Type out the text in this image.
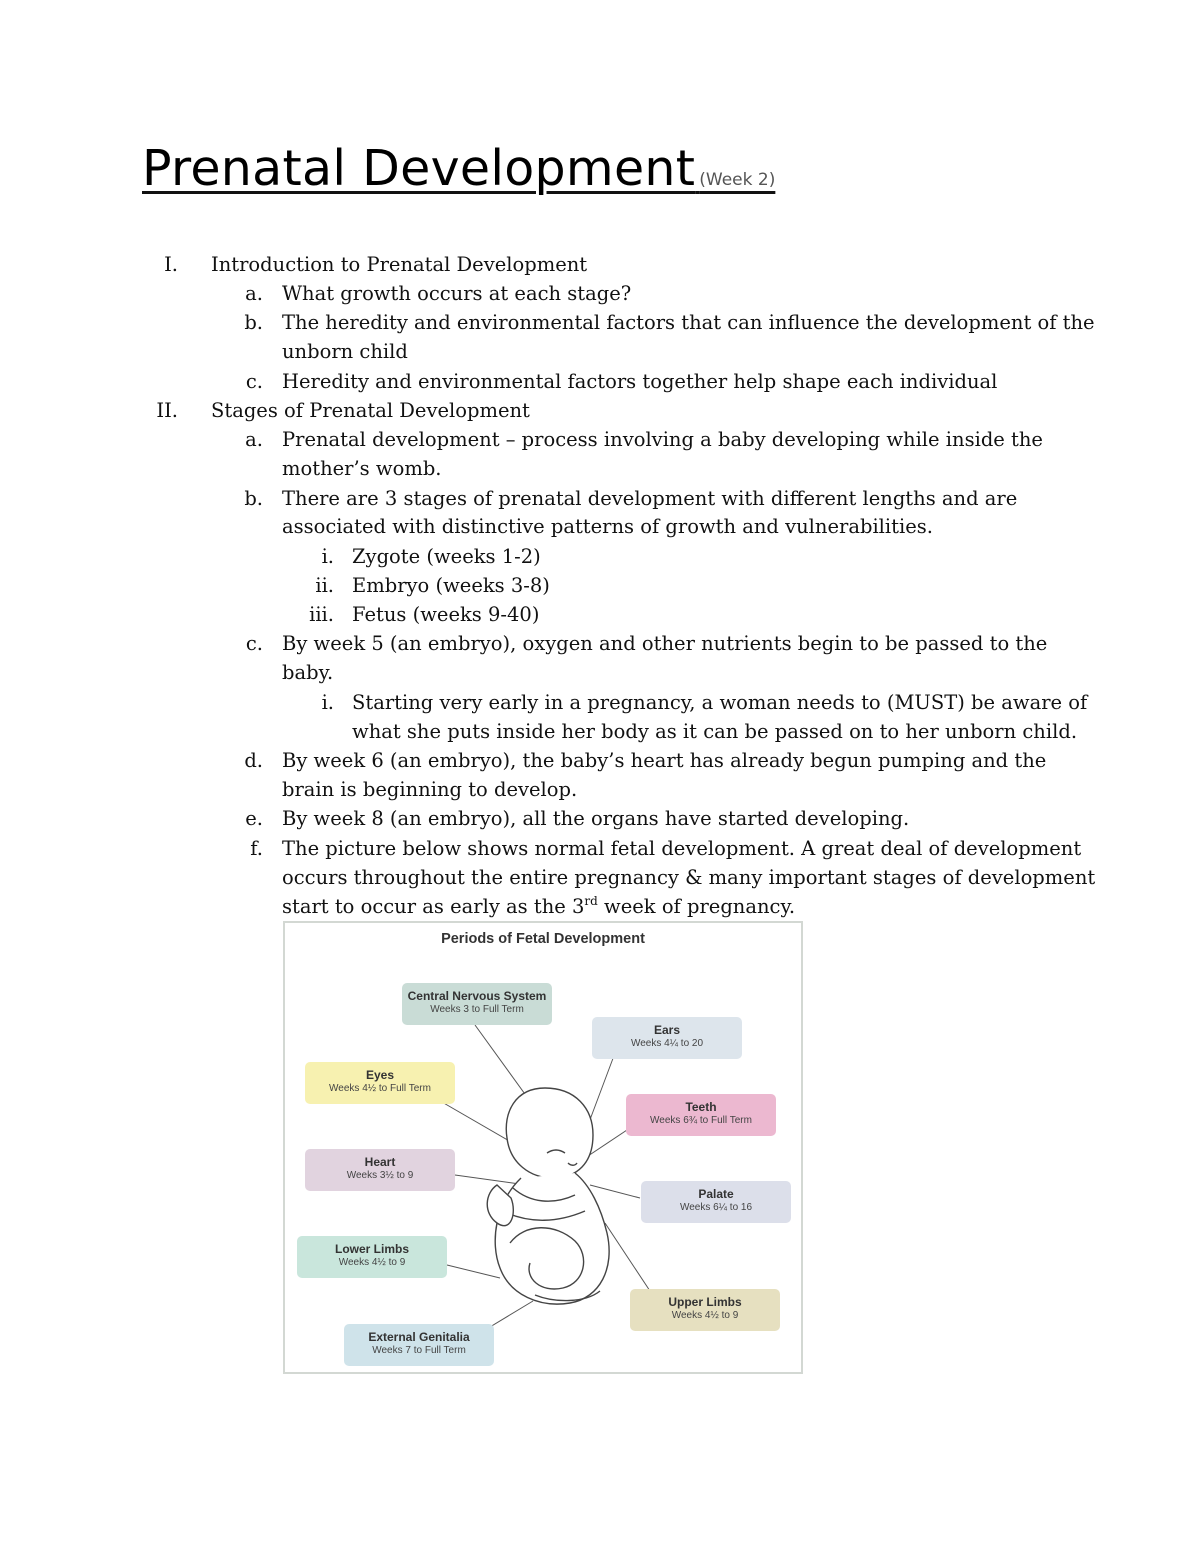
Prenatal Development (Week 2)
I. Introduction to Prenatal Development
a. What growth occurs at each stage?
b. The heredity and environmental factors that can influence the development of the
unborn child
c. Heredity and environmental factors together help shape each individual
II. Stages of Prenatal Development
a. Prenatal development – process involving a baby developing while inside the
mother’s womb.
b. There are 3 stages of prenatal development with different lengths and are
associated with distinctive patterns of growth and vulnerabilities.
i. Zygote (weeks 1-2)
ii. Embryo (weeks 3-8)
iii. Fetus (weeks 9-40)
c. By week 5 (an embryo), oxygen and other nutrients begin to be passed to the
baby.
i. Starting very early in a pregnancy, a woman needs to (MUST) be aware of
what she puts inside her body as it can be passed on to her unborn child.
d. By week 6 (an embryo), the baby’s heart has already begun pumping and the
brain is beginning to develop.
e. By week 8 (an embryo), all the organs have started developing.
f. The picture below shows normal fetal development. A great deal of development
occurs throughout the entire pregnancy & many important stages of development
start to occur as early as the 3rd week of pregnancy.
Periods of Fetal Development
Central Nervous System
Weeks 3 to Full Term
Ears
Weeks 4¼ to 20
Eyes
Weeks 4½ to Full Term
Teeth
Weeks 6¾ to Full Term
Heart
Weeks 3½ to 9
Palate
Weeks 6¼ to 16
Lower Limbs
Weeks 4½ to 9
Upper Limbs
Weeks 4½ to 9
External Genitalia
Weeks 7 to Full Term
